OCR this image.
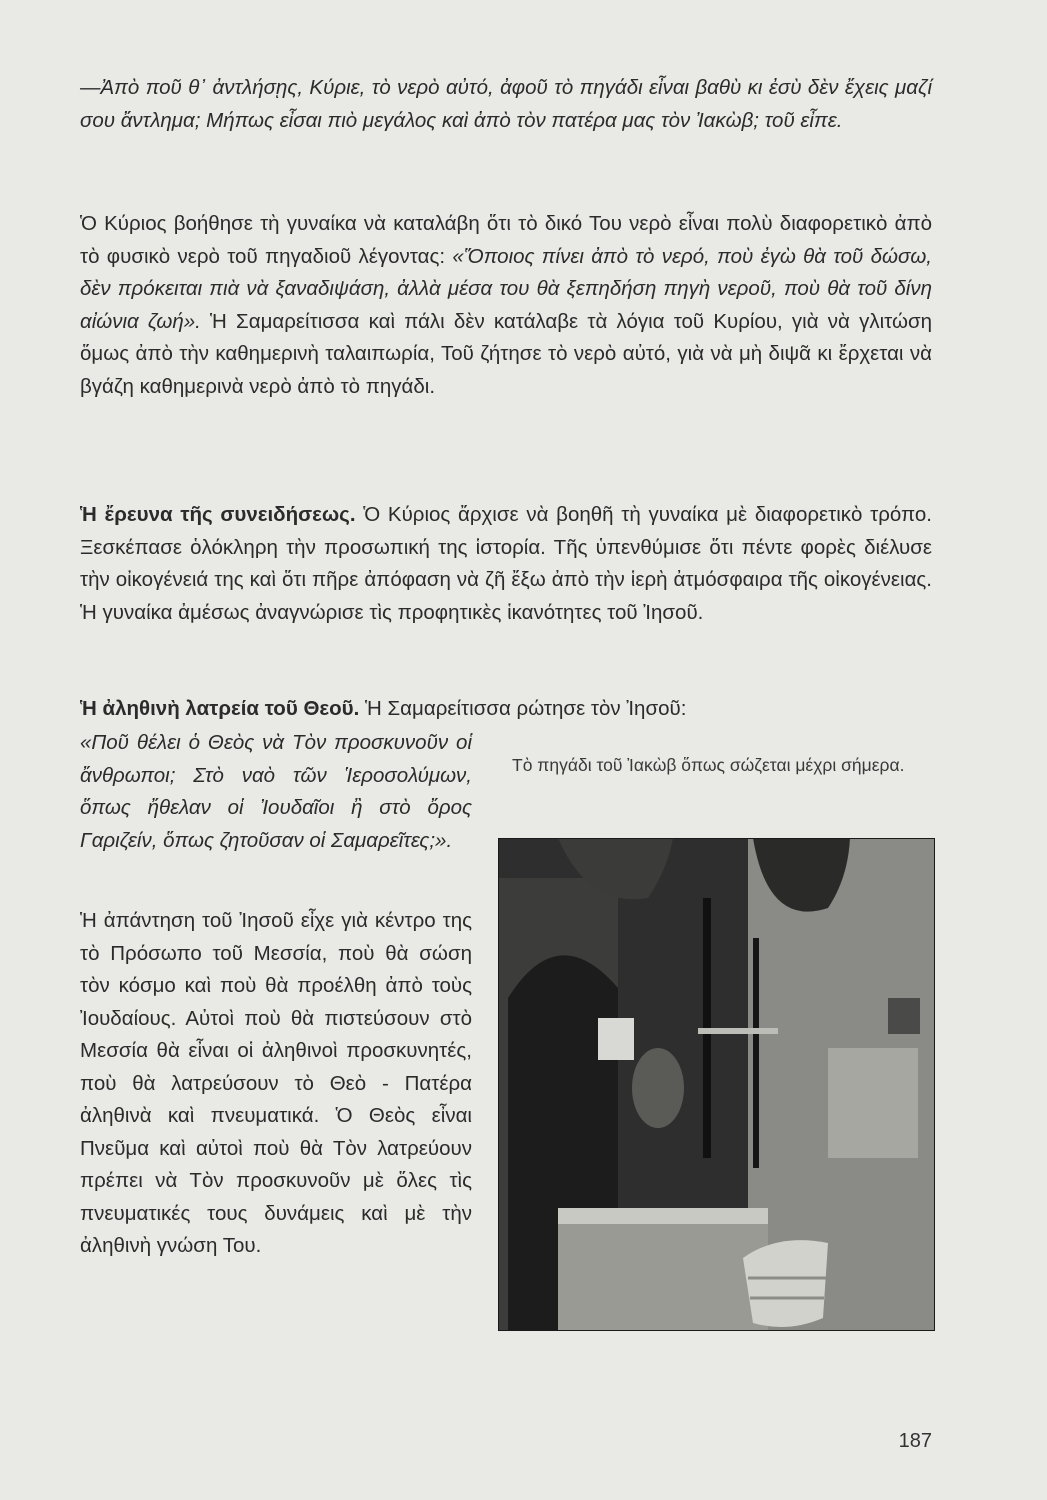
—Ἀπὸ ποῦ θ᾽ ἀντλήσῃς, Κύριε, τὸ νερὸ αὐτό, ἀφοῦ τὸ πηγάδι εἶναι βαθὺ κι ἐσὺ δὲν ἔχεις μαζί σου ἄντλημα; Μήπως εἶσαι πιὸ μεγάλος καὶ ἀπὸ τὸν πατέρα μας τὸν Ἰακὼβ; τοῦ εἶπε.

Ὁ Κύριος βοήθησε τὴ γυναίκα νὰ καταλάβη ὅτι τὸ δικό Του νερὸ εἶναι πολὺ διαφορετικὸ ἀπὸ τὸ φυσικὸ νερὸ τοῦ πηγαδιοῦ λέγοντας: «Ὅποιος πίνει ἀπὸ τὸ νερό, ποὺ ἐγὼ θὰ τοῦ δώσω, δὲν πρόκειται πιὰ νὰ ξαναδιψάση, ἀλλὰ μέσα του θὰ ξεπηδήση πηγὴ νεροῦ, ποὺ θὰ τοῦ δίνη αἰώνια ζωή». Ἡ Σαμαρείτισσα καὶ πάλι δὲν κατάλαβε τὰ λόγια τοῦ Κυρίου, γιὰ νὰ γλιτώση ὅμως ἀπὸ τὴν καθημερινὴ ταλαιπωρία, Τοῦ ζήτησε τὸ νερὸ αὐτό, γιὰ νὰ μὴ διψᾶ κι ἔρχεται νὰ βγάζη καθημερινὰ νερὸ ἀπὸ τὸ πηγάδι.

Ἡ ἔρευνα τῆς συνειδήσεως. Ὁ Κύριος ἄρχισε νὰ βοηθῆ τὴ γυναίκα μὲ διαφορετικὸ τρόπο. Ξεσκέπασε ὁλόκληρη τὴν προσωπική της ἱστορία. Τῆς ὑπενθύμισε ὅτι πέντε φορὲς διέλυσε τὴν οἰκογένειά της καὶ ὅτι πῆρε ἀπόφαση νὰ ζῆ ἔξω ἀπὸ τὴν ἱερὴ ἀτμόσφαιρα τῆς οἰκογένειας. Ἡ γυναίκα ἀμέσως ἀναγνώρισε τὶς προφητικὲς ἱκανότητες τοῦ Ἰησοῦ.

Ἡ ἀληθινὴ λατρεία τοῦ Θεοῦ. Ἡ Σαμαρείτισσα ρώτησε τὸν Ἰησοῦ:

«Ποῦ θέλει ὁ Θεὸς νὰ Τὸν προσκυνοῦν οἱ ἄνθρωποι; Στὸ ναὸ τῶν Ἱεροσολύμων, ὅπως ἤθελαν οἱ Ἰουδαῖοι ἢ στὸ ὄρος Γαριζείν, ὅπως ζητοῦσαν οἱ Σαμαρεῖτες;».

Ἡ ἀπάντηση τοῦ Ἰησοῦ εἶχε γιὰ κέντρο της τὸ Πρόσωπο τοῦ Μεσσία, ποὺ θὰ σώση τὸν κόσμο καὶ ποὺ θὰ προέλθη ἀπὸ τοὺς Ἰουδαίους. Αὐτοὶ ποὺ θὰ πιστεύσουν στὸ Μεσσία θὰ εἶναι οἱ ἀληθινοὶ προσκυνητές, ποὺ θὰ λατρεύσουν τὸ Θεὸ - Πατέρα ἀληθινὰ καὶ πνευματικά. Ὁ Θεὸς εἶναι Πνεῦμα καὶ αὐτοὶ ποὺ θὰ Τὸν λατρεύουν πρέπει νὰ Τὸν προσκυνοῦν μὲ ὅλες τὶς πνευματικές τους δυνάμεις καὶ μὲ τὴν ἀληθινὴ γνώση Του.

Τὸ πηγάδι τοῦ Ἰακὼβ ὅπως σώζεται μέχρι σήμερα.

187
